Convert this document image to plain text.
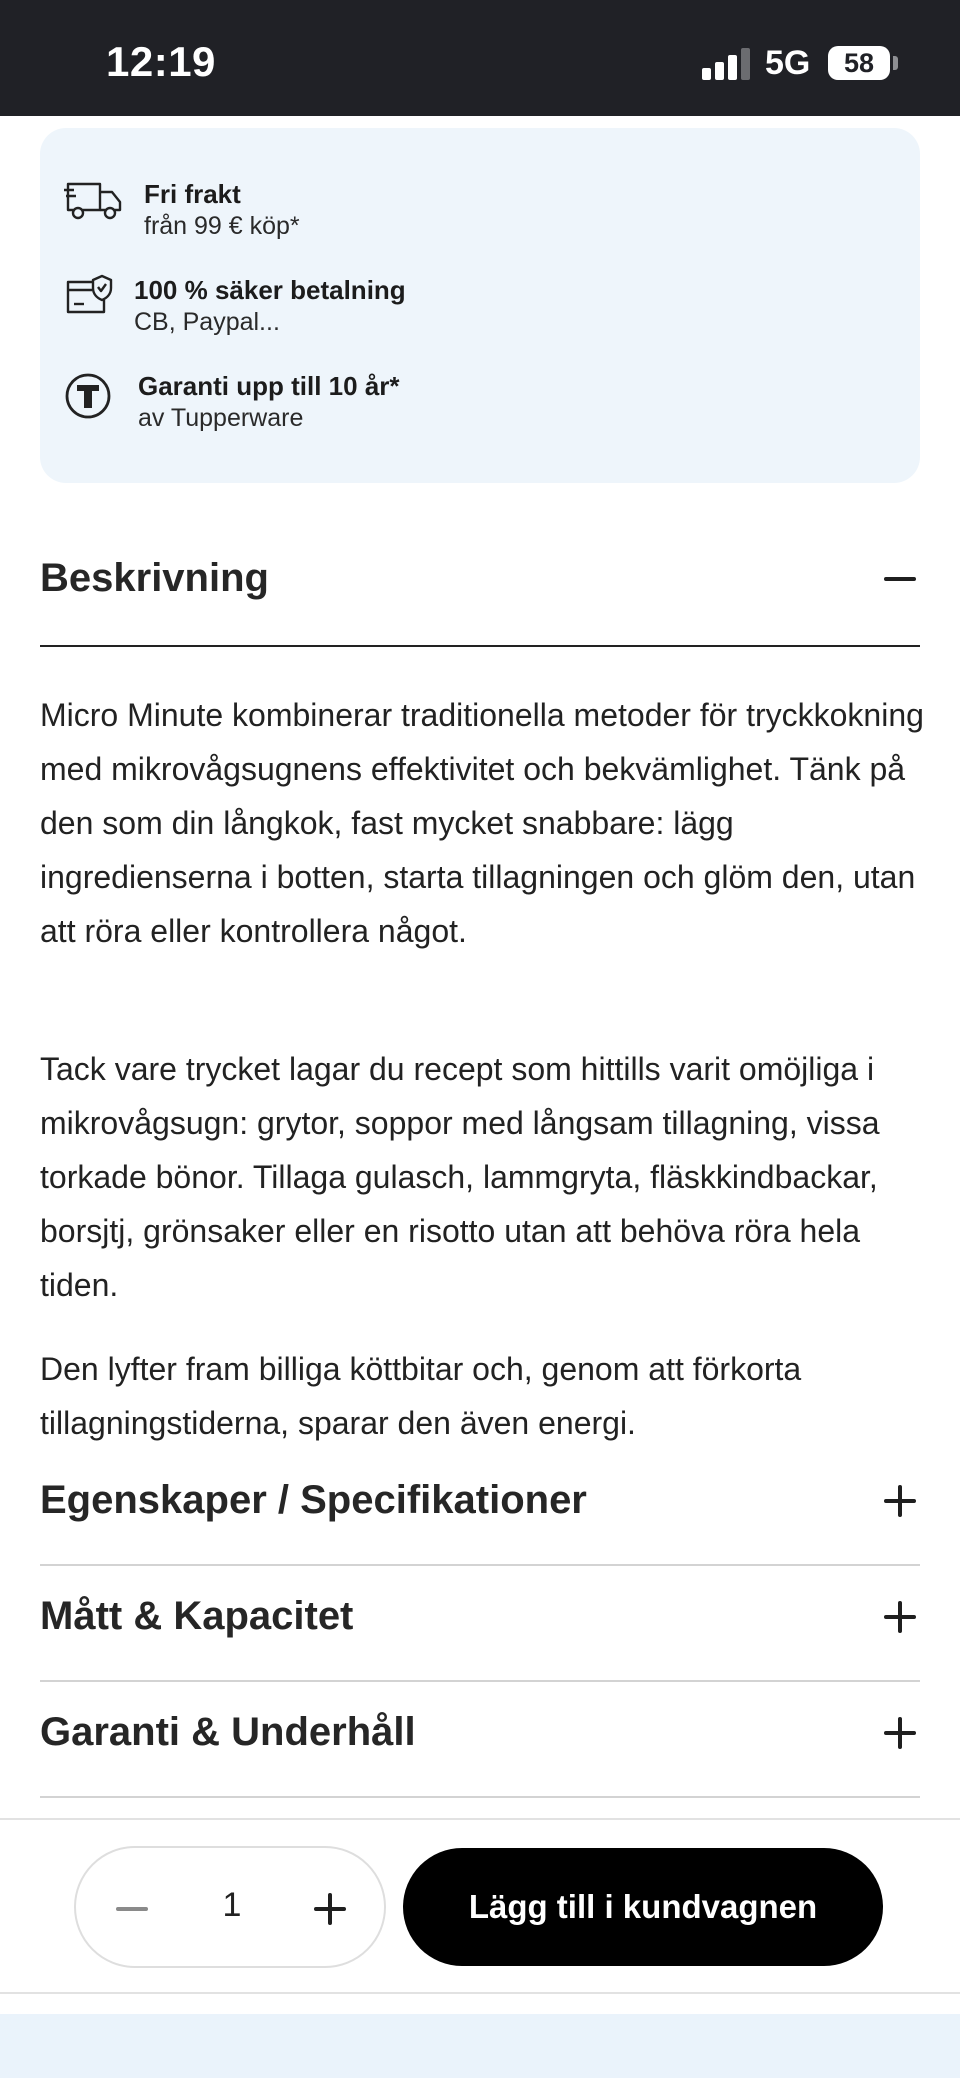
12:19	5G	58
Fri frakt
från 99 € köp*
100 % säker betalning
CB, Paypal...
Garanti upp till 10 år*
av Tupperware
Beskrivning
Micro Minute kombinerar traditionella metoder för tryckkokning med mikrovågsugnens effektivitet och bekvämlighet. Tänk på den som din långkok, fast mycket snabbare: lägg ingredienserna i botten, starta tillagningen och glöm den, utan att röra eller kontrollera något.
Tack vare trycket lagar du recept som hittills varit omöjliga i mikrovågsugn: grytor, soppor med långsam tillagning, vissa torkade bönor. Tillaga gulasch, lammgryta, fläskkindbackar, borsjtj, grönsaker eller en risotto utan att behöva röra hela tiden.
Den lyfter fram billiga köttbitar och, genom att förkorta tillagningstiderna, sparar den även energi.
Egenskaper / Specifikationer
Mått & Kapacitet
Garanti & Underhåll
1	Lägg till i kundvagnen
